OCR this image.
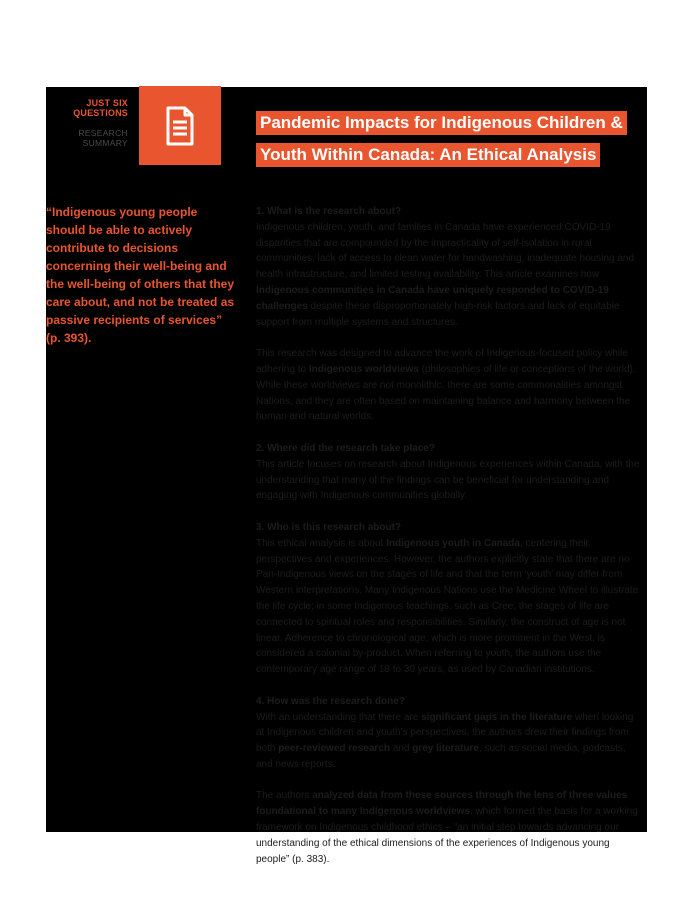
JUST SIX
QUESTIONS
RESEARCH
SUMMARY
Pandemic Impacts for Indigenous Children &
Youth Within Canada: An Ethical Analysis
“Indigenous young people should be able to actively contribute to decisions concerning their well-being and the well-being of others that they care about, and not be treated as passive recipients of services” (p. 393).

1. What is the research about?

Indigenous children, youth, and families in Canada have experienced COVID-19 disparities that are compounded by the impracticality of self-isolation in rural communities, lack of access to clean water for handwashing, inadequate housing and health infrastructure, and limited testing availability. This article examines how Indigenous communities in Canada have uniquely responded to COVID-19 challenges despite these disproportionately high-risk factors and lack of equitable support from multiple systems and structures.

This research was designed to advance the work of Indigenous-focused policy while adhering to Indigenous worldviews (philosophies of life or conceptions of the world). While these worldviews are not monolithic, there are some commonalities amongst Nations, and they are often based on maintaining balance and harmony between the human and natural worlds.

2. Where did the research take place?

This article focuses on research about Indigenous experiences within Canada, with the understanding that many of the findings can be beneficial for understanding and engaging with Indigenous communities globally.

3. Who is this research about?

This ethical analysis is about Indigenous youth in Canada, centering their perspectives and experiences. However, the authors explicitly state that there are no Pan-Indigenous views on the stages of life and that the term ‘youth’ may differ from Western interpretations. Many Indigenous Nations use the Medicine Wheel to illustrate the life cycle; in some Indigenous teachings, such as Cree, the stages of life are connected to spiritual roles and responsibilities. Similarly, the construct of age is not linear. Adherence to chronological age, which is more prominent in the West, is considered a colonial by-product. When referring to youth, the authors use the contemporary age range of 18 to 30 years, as used by Canadian institutions.

4. How was the research done?

With an understanding that there are significant gaps in the literature when looking at Indigenous children and youth’s perspectives, the authors drew their findings from both peer-reviewed research and grey literature, such as social media, podcasts, and news reports.

The authors analyzed data from these sources through the lens of three values foundational to many Indigenous worldviews, which formed the basis for a working framework on Indigenous childhood ethics – “an initial step towards advancing our understanding of the ethical dimensions of the experiences of Indigenous young people” (p. 383).
